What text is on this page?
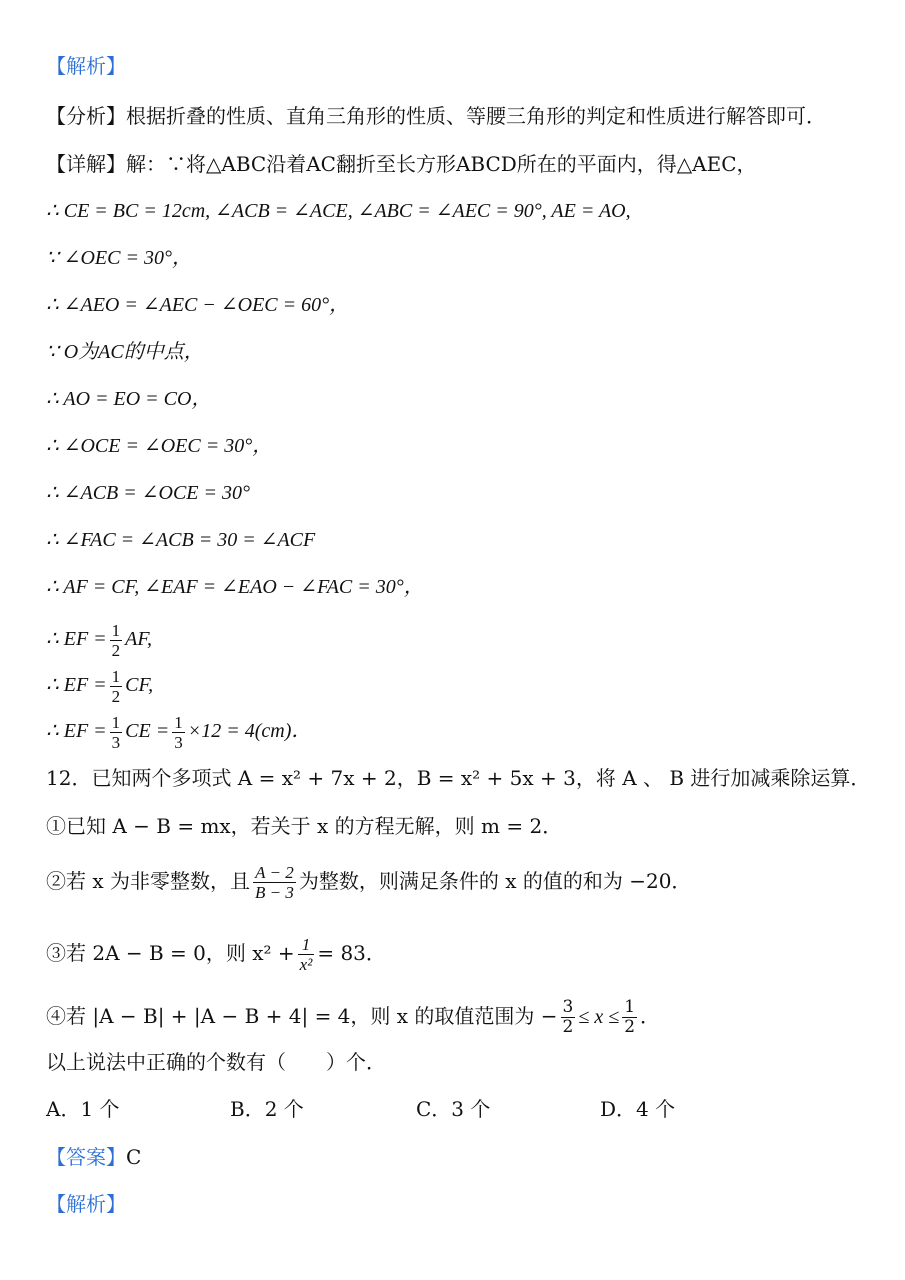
【解析】
【分析】根据折叠的性质、直角三角形的性质、等腰三角形的判定和性质进行解答即可．
【详解】解：∵将△ABC沿着AC翻折至长方形ABCD所在的平面内，得△AEC，
∴ CE = BC = 12cm, ∠ACB = ∠ACE, ∠ABC = ∠AEC = 90°, AE = AO,
∵ ∠OEC = 30°，
∴ ∠AEO = ∠AEC − ∠OEC = 60°，
∵ O为AC的中点，
∴ AO = EO = CO，
∴ ∠OCE = ∠OEC = 30°，
∴ ∠ACB = ∠OCE = 30°
∴ ∠FAC = ∠ACB = 30 = ∠ACF
∴ AF = CF, ∠EAF = ∠EAO − ∠FAC = 30°，
∴ EF = $\frac{1}{2}$ AF,
∴ EF = $\frac{1}{2}$ CF,
∴ EF = $\frac{1}{3}$ CE = $\frac{1}{3} \times 12 = 4(cm)$．
12．已知两个多项式 A = x² + 7x + 2，B = x² + 5x + 3，将 A 、 B 进行加减乘除运算．
①已知 A − B = mx，若关于 x 的方程无解，则 m = 2．
②若 x 为非零整数，且 $\frac{A - 2}{B - 3}$ 为整数，则满足条件的 x 的值的和为 −20．
③若 2A − B = 0，则 $x^2 + \frac{1}{\text{x²}} = 83$．
④若 |A − B| + |A − B + 4| = 4，则 x 的取值范围为 − $\frac{3}{2} \le x \le \frac{1}{2}$ ．
以上说法中正确的个数有（　　）个．
A．1 个	B．2 个	C．3 个	D．4 个
【答案】C
【解析】
